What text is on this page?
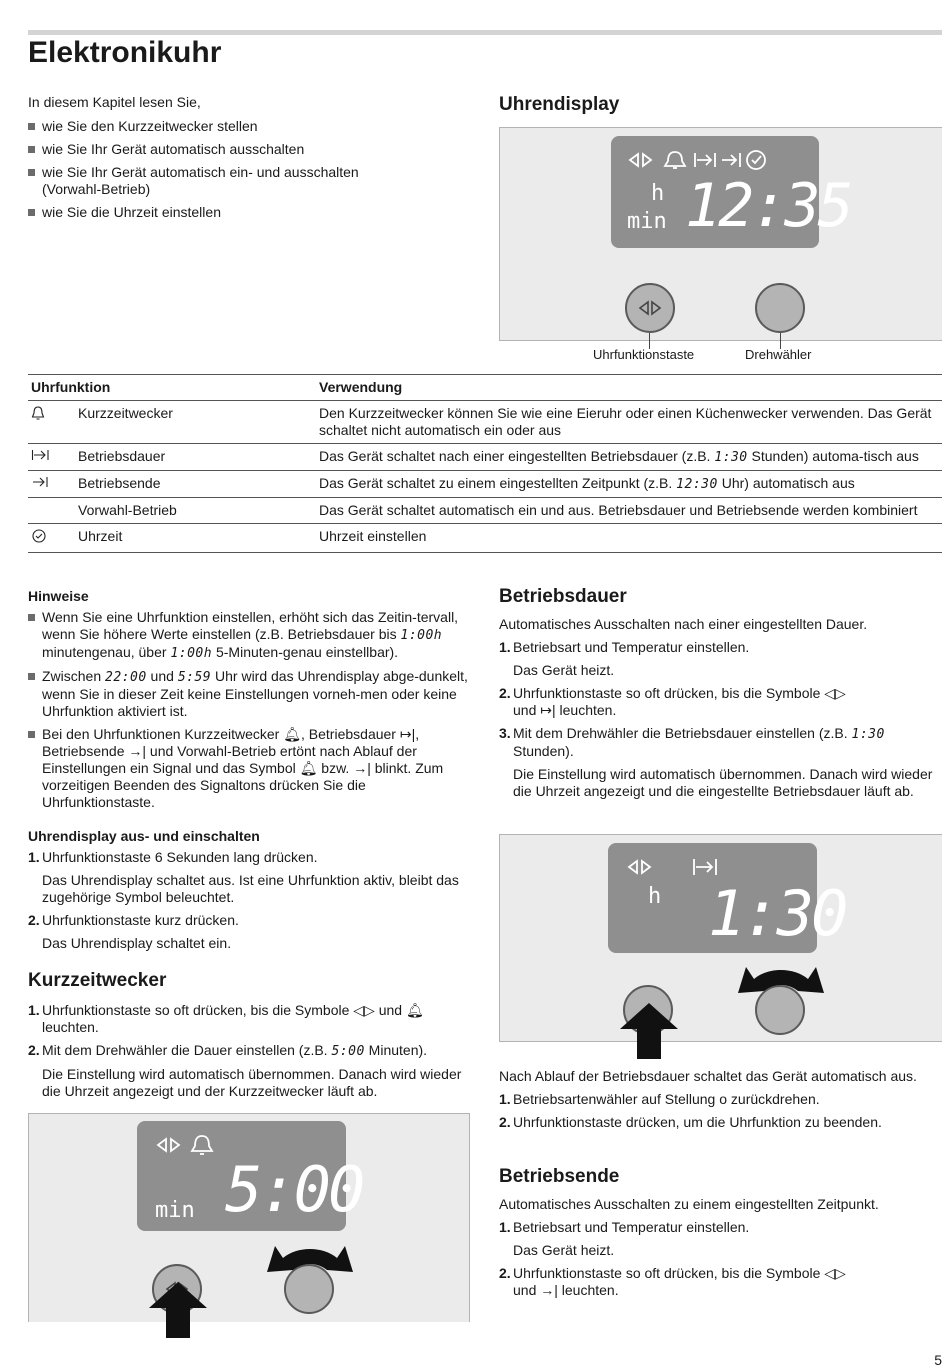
Elektronikuhr

In diesem Kapitel lesen Sie,

wie Sie den Kurzzeitwecker stellen
wie Sie Ihr Gerät automatisch ausschalten
wie Sie Ihr Gerät automatisch ein- und ausschalten (Vorwahl-Betrieb)
wie Sie die Uhrzeit einstellen
Uhrendisplay
h
min 12:35
Uhrfunktionstaste	Drehwähler
Uhrfunktion		Verwendung
	Kurzzeitwecker	Den Kurzzeitwecker können Sie wie eine Eieruhr oder einen Küchenwecker verwenden. Das Gerät schaltet nicht automatisch ein oder aus
	Betriebsdauer	Das Gerät schaltet nach einer eingestellten Betriebsdauer (z.B. 1:30 Stunden) automa-tisch aus
	Betriebsende	Das Gerät schaltet zu einem eingestellten Zeitpunkt (z.B. 12:30 Uhr) automatisch aus
	Vorwahl-Betrieb	Das Gerät schaltet automatisch ein und aus. Betriebsdauer und Betriebsende werden kombiniert
	Uhrzeit	Uhrzeit einstellen
Hinweise
Wenn Sie eine Uhrfunktion einstellen, erhöht sich das Zeitin-tervall, wenn Sie höhere Werte einstellen (z.B. Betriebsdauer bis 1:00h minutengenau, über 1:00h 5-Minuten-genau einstellbar).
Zwischen 22:00 und 5:59 Uhr wird das Uhrendisplay abge-dunkelt, wenn Sie in dieser Zeit keine Einstellungen vorneh-men oder keine Uhrfunktion aktiviert ist.
Bei den Uhrfunktionen Kurzzeitwecker 🔔︎, Betriebsdauer ↦|, Betriebsende →| und Vorwahl-Betrieb ertönt nach Ablauf der Einstellungen ein Signal und das Symbol 🔔︎ bzw. →| blinkt. Zum vorzeitigen Beenden des Signaltons drücken Sie die Uhrfunktionstaste.
Uhrendisplay aus- und einschalten
1. Uhrfunktionstaste 6 Sekunden lang drücken.
Das Uhrendisplay schaltet aus. Ist eine Uhrfunktion aktiv, bleibt das zugehörige Symbol beleuchtet.
2. Uhrfunktionstaste kurz drücken.
Das Uhrendisplay schaltet ein.
Kurzzeitwecker
1. Uhrfunktionstaste so oft drücken, bis die Symbole ◁▷ und 🔔︎ leuchten.
2. Mit dem Drehwähler die Dauer einstellen (z.B. 5:00 Minuten).
Die Einstellung wird automatisch übernommen. Danach wird wieder die Uhrzeit angezeigt und der Kurzzeitwecker läuft ab.
min 5:00
Betriebsdauer

Automatisches Ausschalten nach einer eingestellten Dauer.

1. Betriebsart und Temperatur einstellen.
Das Gerät heizt.
2. Uhrfunktionstaste so oft drücken, bis die Symbole ◁▷
und ↦| leuchten.
3. Mit dem Drehwähler die Betriebsdauer einstellen (z.B. 1:30 Stunden).
Die Einstellung wird automatisch übernommen. Danach wird wieder die Uhrzeit angezeigt und die eingestellte Betriebsdauer läuft ab.
h 1:30

Nach Ablauf der Betriebsdauer schaltet das Gerät automatisch aus.

1. Betriebsartenwähler auf Stellung o zurückdrehen.
2. Uhrfunktionstaste drücken, um die Uhrfunktion zu beenden.
Betriebsende

Automatisches Ausschalten zu einem eingestellten Zeitpunkt.

1. Betriebsart und Temperatur einstellen.
Das Gerät heizt.
2. Uhrfunktionstaste so oft drücken, bis die Symbole ◁▷
und →| leuchten.
5
